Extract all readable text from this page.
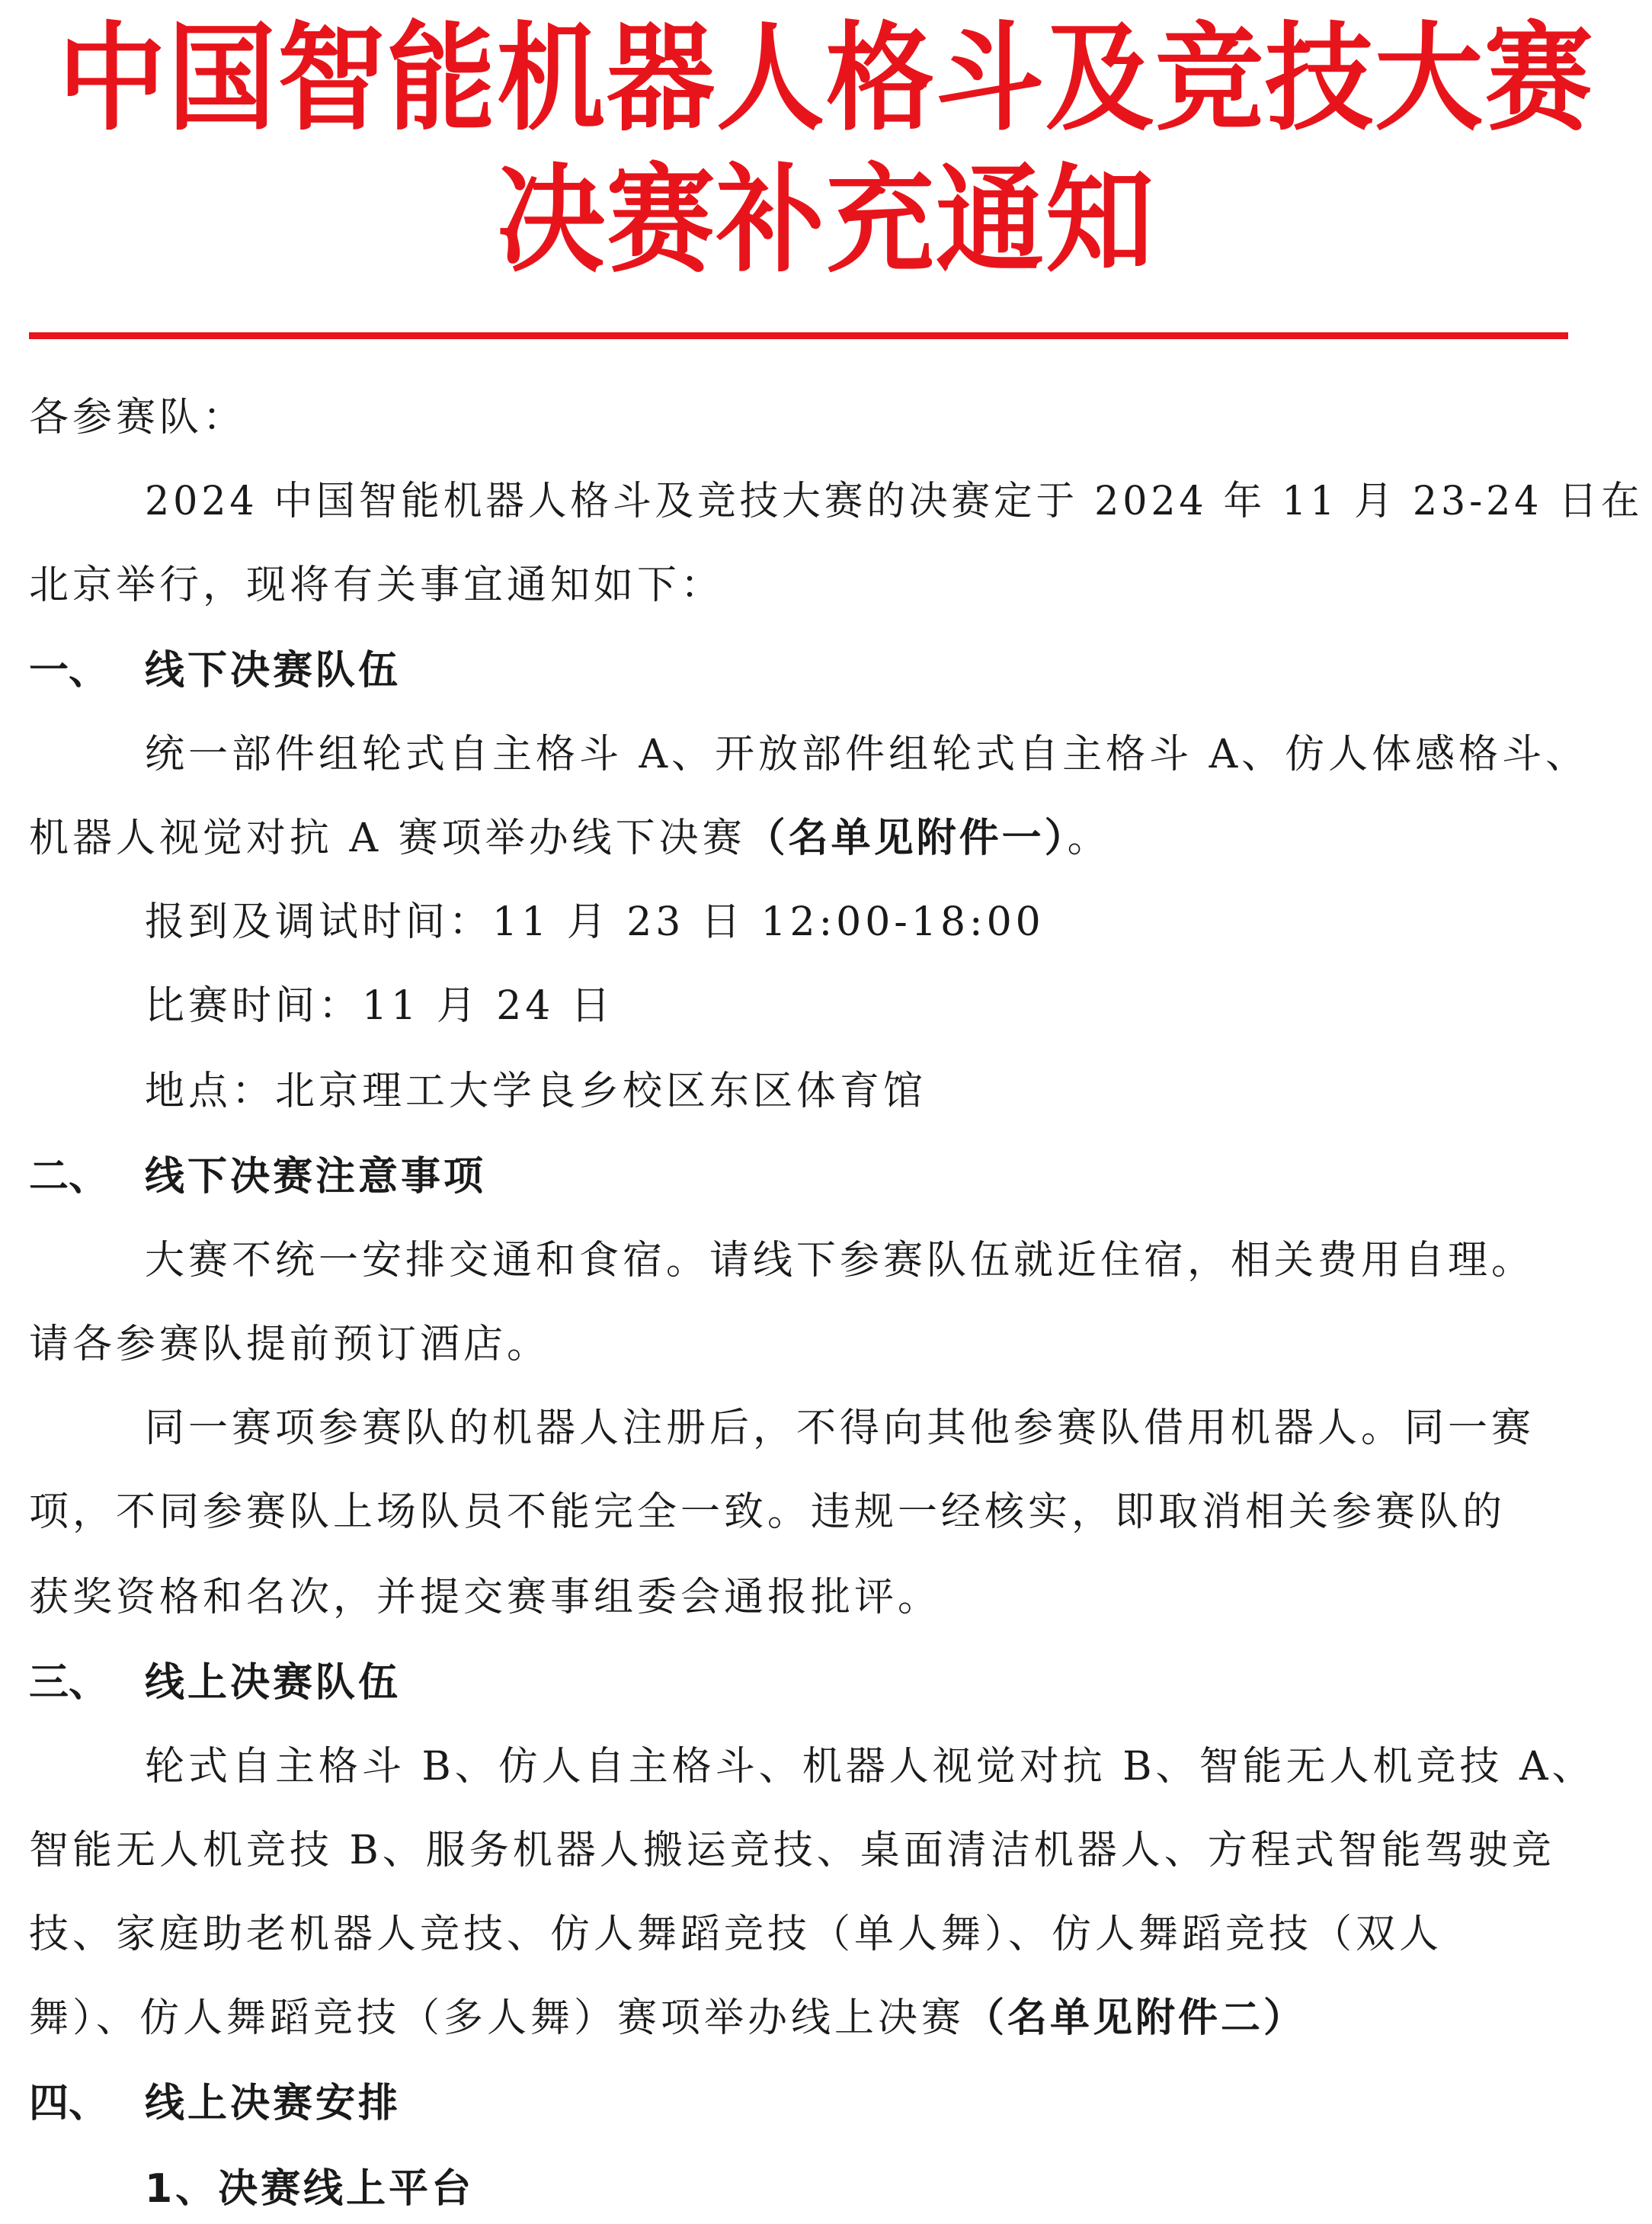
中国智能机器人格斗及竞技大赛
决赛补充通知
各参赛队：
2024 中国智能机器人格斗及竞技大赛的决赛定于 2024 年 11 月 23-24 日在
北京举行，现将有关事宜通知如下：
一、 线下决赛队伍
统一部件组轮式自主格斗 A、开放部件组轮式自主格斗 A、仿人体感格斗、
机器人视觉对抗 A 赛项举办线下决赛（名单见附件一）。
报到及调试时间：11 月 23 日 12:00-18:00
比赛时间：11 月 24 日
地点：北京理工大学良乡校区东区体育馆
二、 线下决赛注意事项
大赛不统一安排交通和食宿。请线下参赛队伍就近住宿，相关费用自理。
请各参赛队提前预订酒店。
同一赛项参赛队的机器人注册后，不得向其他参赛队借用机器人。同一赛
项，不同参赛队上场队员不能完全一致。违规一经核实，即取消相关参赛队的
获奖资格和名次，并提交赛事组委会通报批评。
三、 线上决赛队伍
轮式自主格斗 B、仿人自主格斗、机器人视觉对抗 B、智能无人机竞技 A、
智能无人机竞技 B、服务机器人搬运竞技、桌面清洁机器人、方程式智能驾驶竞
技、家庭助老机器人竞技、仿人舞蹈竞技（单人舞）、仿人舞蹈竞技（双人
舞）、仿人舞蹈竞技（多人舞）赛项举办线上决赛（名单见附件二）
四、 线上决赛安排
1、决赛线上平台
